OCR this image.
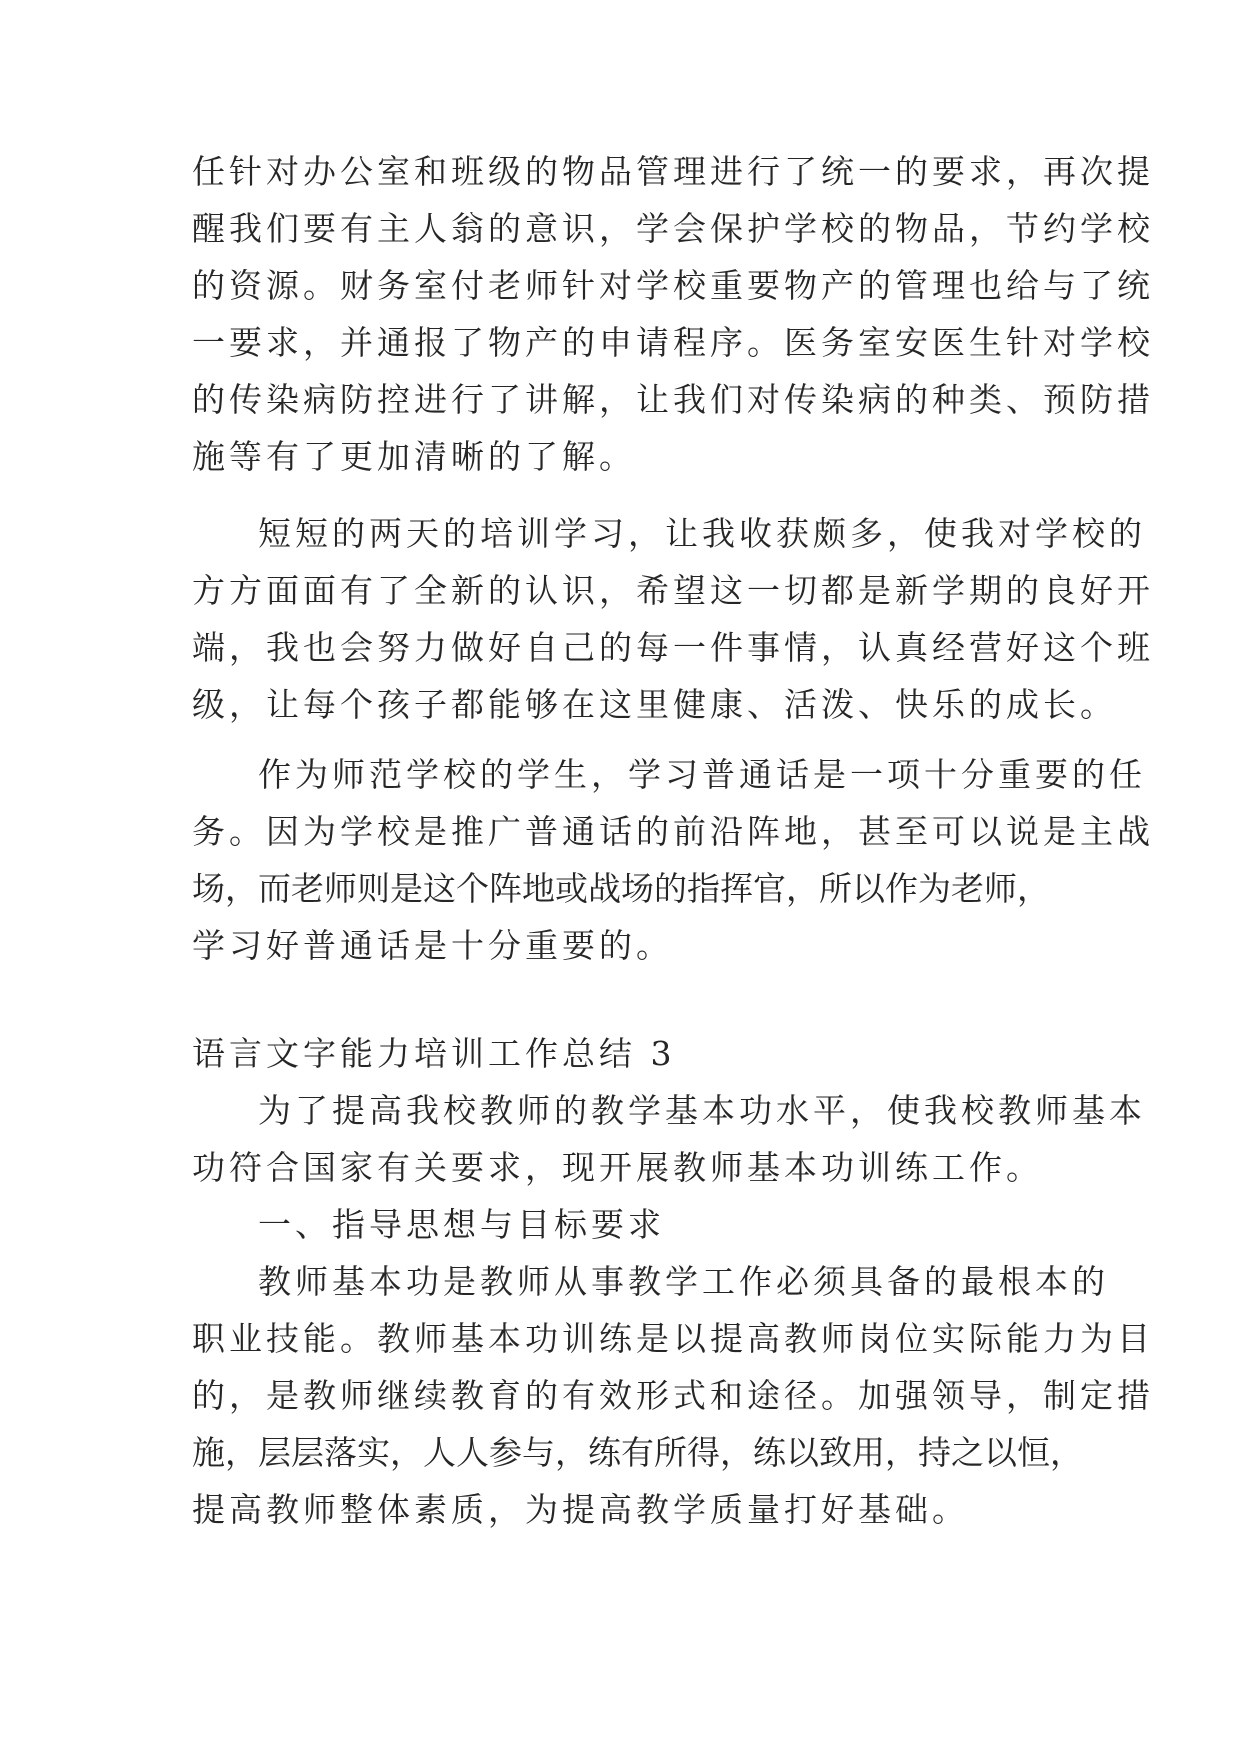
任针对办公室和班级的物品管理进行了统一的要求，再次提

醒我们要有主人翁的意识，学会保护学校的物品，节约学校

的资源。财务室付老师针对学校重要物产的管理也给与了统

一要求，并通报了物产的申请程序。医务室安医生针对学校

的传染病防控进行了讲解，让我们对传染病的种类、预防措

施等有了更加清晰的了解。

短短的两天的培训学习，让我收获颇多，使我对学校的

方方面面有了全新的认识，希望这一切都是新学期的良好开

端，我也会努力做好自己的每一件事情，认真经营好这个班

级，让每个孩子都能够在这里健康、活泼、快乐的成长。

作为师范学校的学生，学习普通话是一项十分重要的任

务。因为学校是推广普通话的前沿阵地，甚至可以说是主战

场，而老师则是这个阵地或战场的指挥官，所以作为老师，

学习好普通话是十分重要的。

语言文字能力培训工作总结 3

为了提高我校教师的教学基本功水平，使我校教师基本

功符合国家有关要求，现开展教师基本功训练工作。

一、指导思想与目标要求

教师基本功是教师从事教学工作必须具备的最根本的

职业技能。教师基本功训练是以提高教师岗位实际能力为目

的，是教师继续教育的有效形式和途径。加强领导，制定措

施，层层落实，人人参与，练有所得，练以致用，持之以恒，

提高教师整体素质，为提高教学质量打好基础。
